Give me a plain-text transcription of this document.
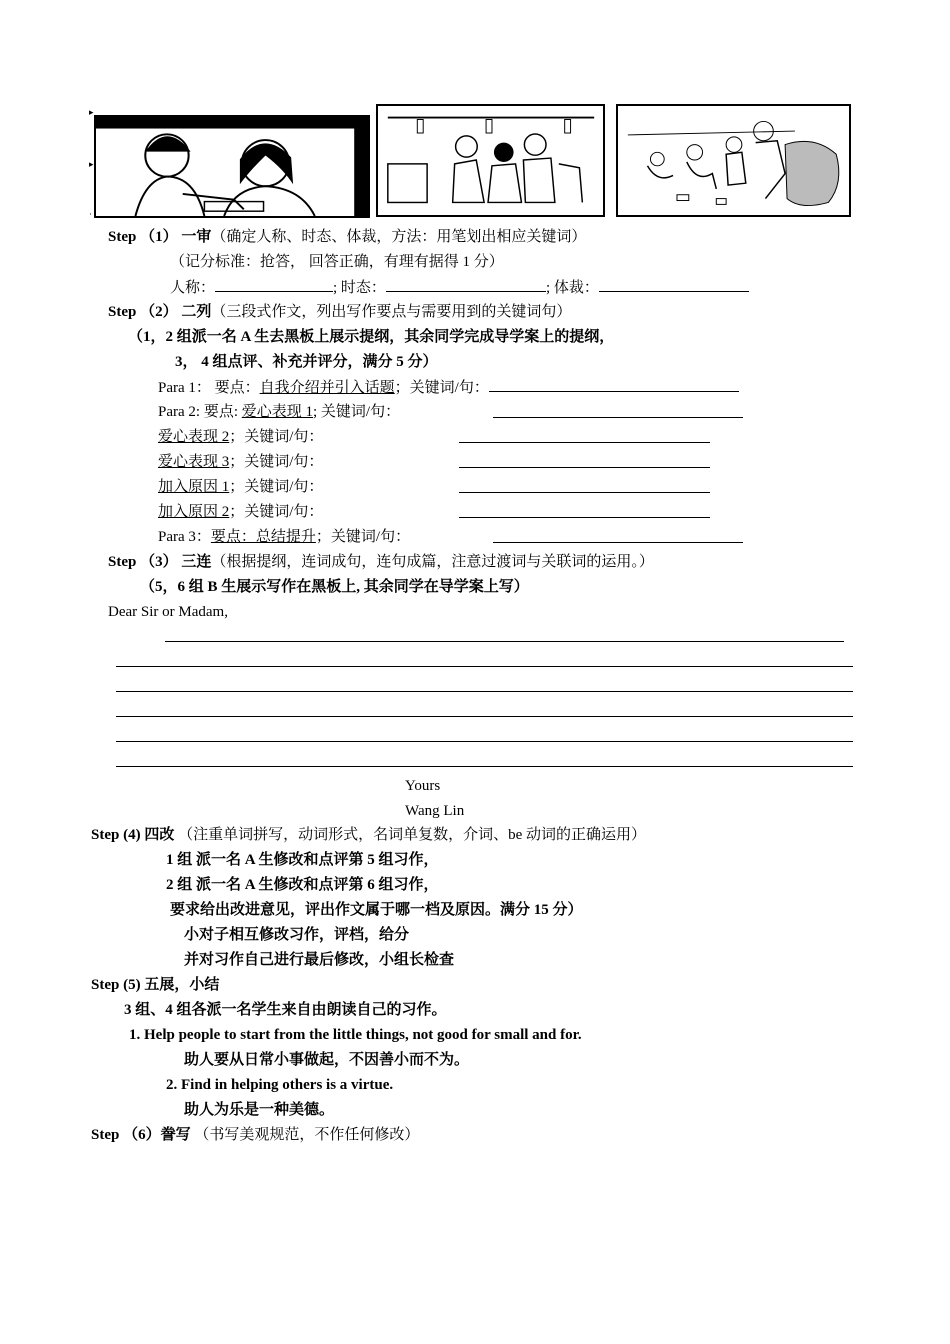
▸
▸
·
Step （1） 一审（确定人称、时态、体裁，方法：用笔划出相应关键词）
（记分标准：抢答， 回答正确，有理有据得 1 分）
人称：	; 时态：	; 体裁：
Step （2） 二列（三段式作文，列出写作要点与需要用到的关键词句）
（1，2 组派一名 A 生去黑板上展示提纲，其余同学完成导学案上的提纲，
3， 4 组点评、补充并评分，满分 5 分）
Para 1： 要点：自我介绍并引入话题；关键词/句：
Para 2: 要点: 爱心表现 1; 关键词/句：
爱心表现 2；关键词/句：
爱心表现 3；关键词/句：
加入原因 1；关键词/句：
加入原因 2；关键词/句：
Para 3：要点：总结提升；关键词/句：
Step （3） 三连（根据提纲，连词成句，连句成篇，注意过渡词与关联词的运用。）
（5，6 组 B 生展示写作在黑板上, 其余同学在导学案上写）
Dear Sir or Madam,
Yours
Wang Lin
Step (4) 四改 （注重单词拼写，动词形式，名词单复数，介词、be 动词的正确运用）
1 组 派一名 A 生修改和点评第 5 组习作，
2 组 派一名 A 生修改和点评第 6 组习作，
要求给出改进意见，评出作文属于哪一档及原因。满分 15 分）
小对子相互修改习作，评档，给分
并对习作自己进行最后修改，小组长检查
Step (5) 五展，小结
3 组、4 组各派一名学生来自由朗读自己的习作。
1. Help people to start from the little things, not good for small and for.
助人要从日常小事做起，不因善小而不为。
2. Find in helping others is a virtue.
助人为乐是一种美德。
Step （6）誊写 （书写美观规范，不作任何修改）
